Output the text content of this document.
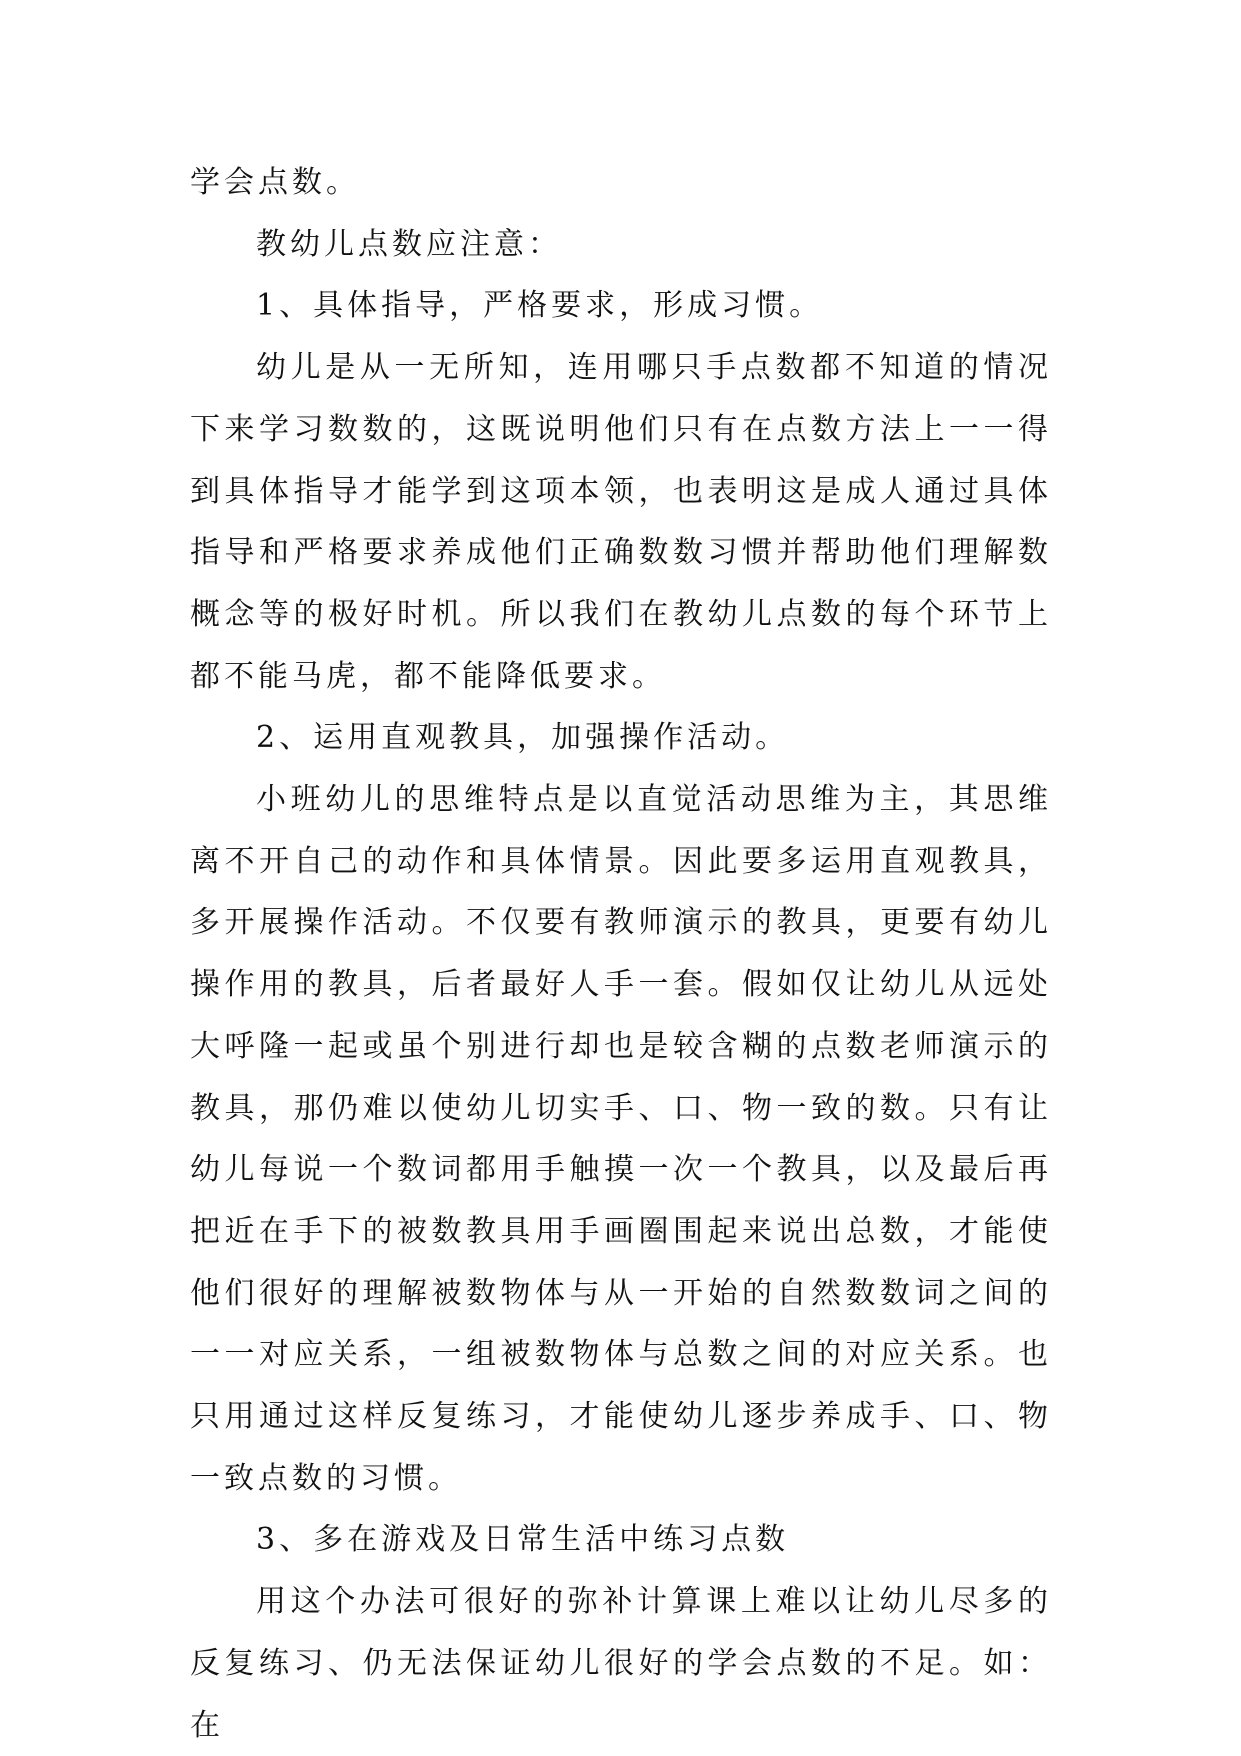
学会点数。

教幼儿点数应注意：

1、具体指导，严格要求，形成习惯。

幼儿是从一无所知，连用哪只手点数都不知道的情况下来学习数数的，这既说明他们只有在点数方法上一一得到具体指导才能学到这项本领，也表明这是成人通过具体指导和严格要求养成他们正确数数习惯并帮助他们理解数概念等的极好时机。所以我们在教幼儿点数的每个环节上都不能马虎，都不能降低要求。

2、运用直观教具，加强操作活动。

小班幼儿的思维特点是以直觉活动思维为主，其思维离不开自己的动作和具体情景。因此要多运用直观教具，多开展操作活动。不仅要有教师演示的教具，更要有幼儿操作用的教具，后者最好人手一套。假如仅让幼儿从远处大呼隆一起或虽个别进行却也是较含糊的点数老师演示的教具，那仍难以使幼儿切实手、口、物一致的数。只有让幼儿每说一个数词都用手触摸一次一个教具，以及最后再把近在手下的被数教具用手画圈围起来说出总数，才能使他们很好的理解被数物体与从一开始的自然数数词之间的一一对应关系，一组被数物体与总数之间的对应关系。也只用通过这样反复练习，才能使幼儿逐步养成手、口、物一致点数的习惯。

3、多在游戏及日常生活中练习点数

用这个办法可很好的弥补计算课上难以让幼儿尽多的反复练习、仍无法保证幼儿很好的学会点数的不足。如：在
